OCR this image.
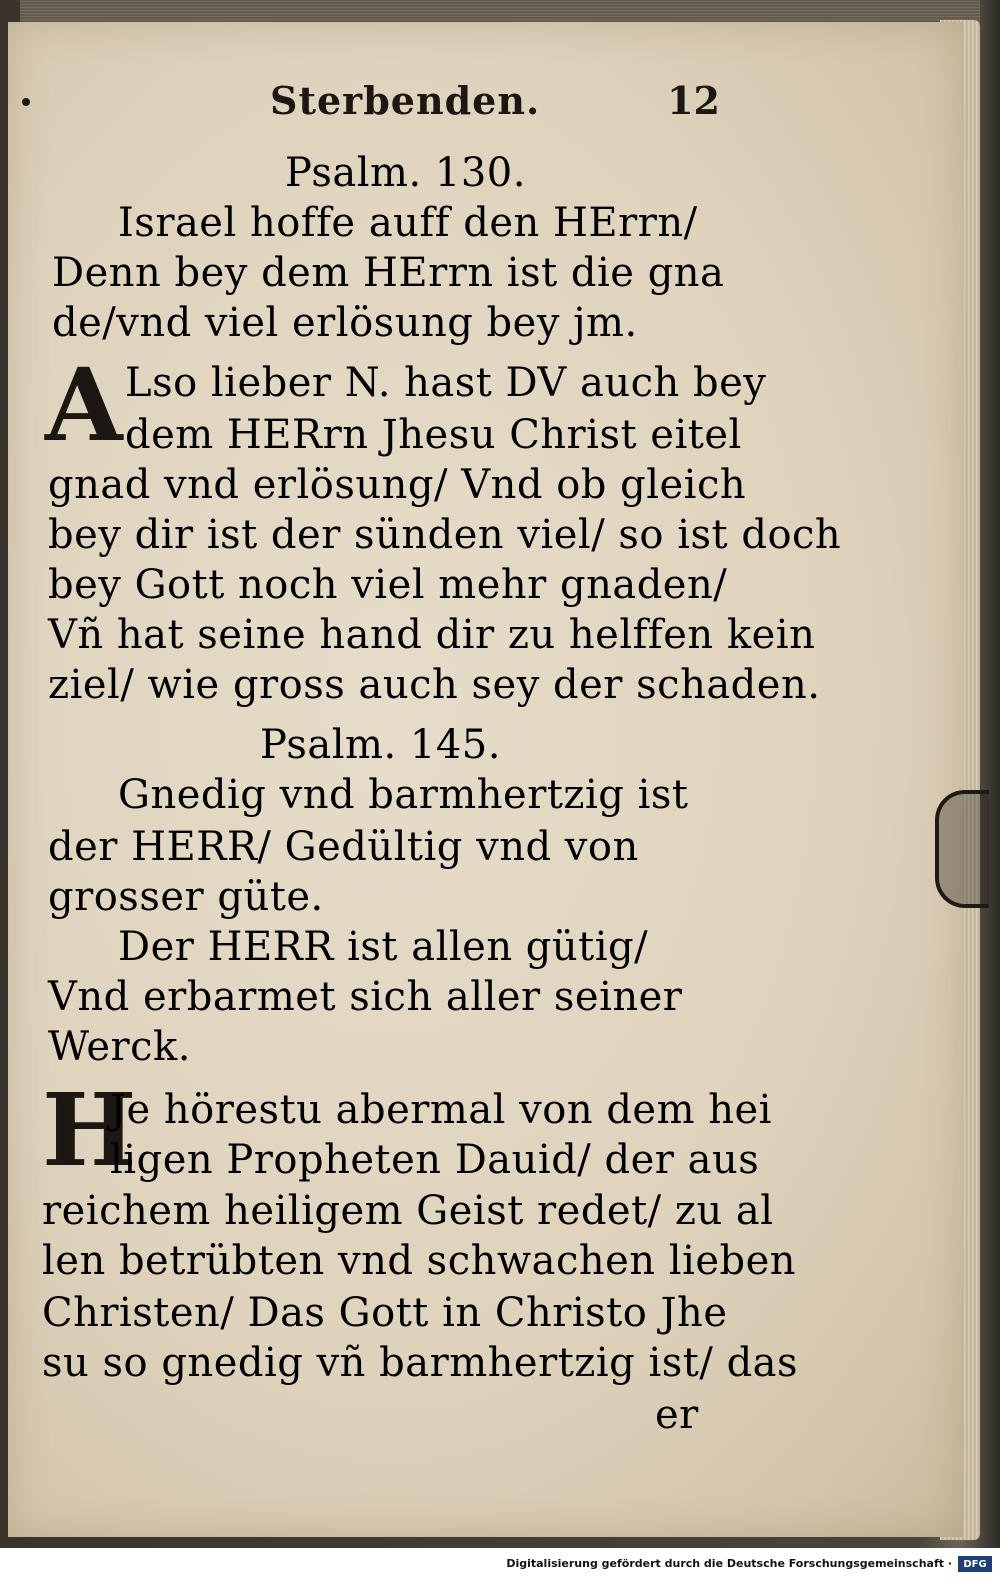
Sterbenden.	12
Psalm. 130.
Israel hoffe auff den HErrn/
Denn bey dem HErrn ist die gna
de/vnd viel erlösung bey jm.
A Lso lieber N. hast DV auch bey
dem HERrn Jhesu Christ eitel
gnad vnd erlösung/ Vnd ob gleich
bey dir ist der sünden viel/ so ist doch
bey Gott noch viel mehr gnaden/
Vñ hat seine hand dir zu helffen kein
ziel/ wie gross auch sey der schaden.
Psalm. 145.
Gnedig vnd barmhertzig ist
der HERR/ Gedültig vnd von
grosser güte.
Der HERR ist allen gütig/
Vnd erbarmet sich aller seiner
Werck.
H
Je hörestu abermal von dem hei
ligen Propheten Dauid/ der aus
reichem heiligem Geist redet/ zu al
len betrübten vnd schwachen lieben
Christen/ Das Gott in Christo Jhe
su so gnedig vñ barmhertzig ist/ das
er
Digitalisierung gefördert durch die Deutsche Forschungsgemeinschaft ·	DFG
